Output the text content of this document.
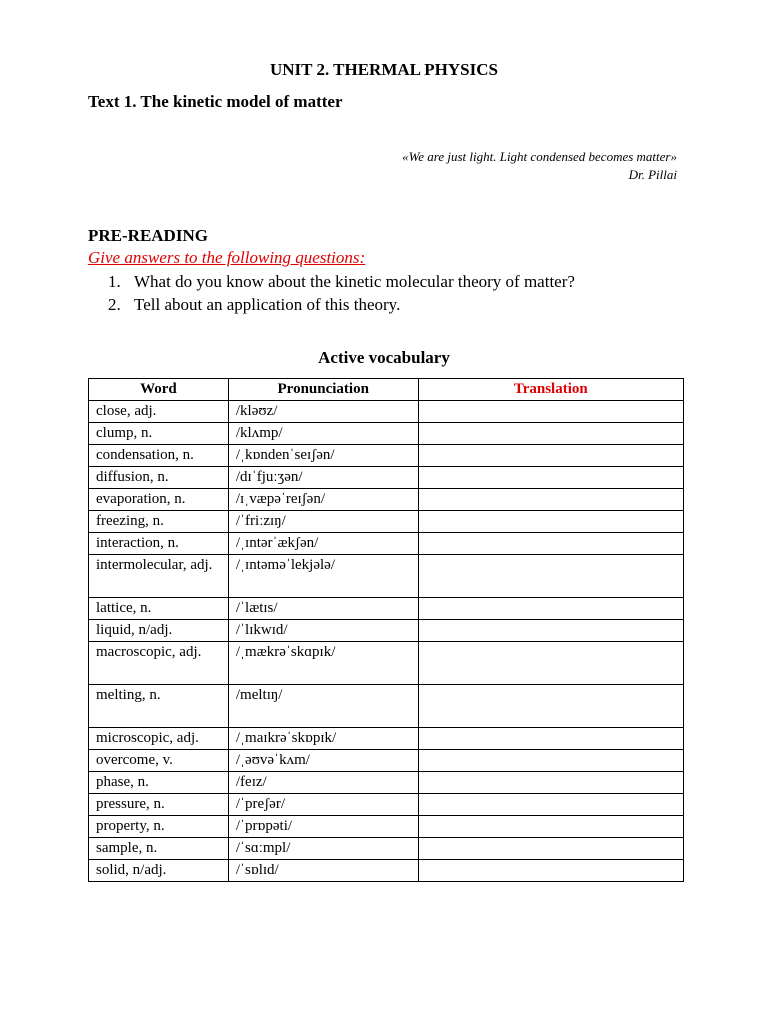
UNIT 2. THERMAL PHYSICS
Text 1. The kinetic model of matter
«We are just light. Light condensed becomes matter»
Dr. Pillai
PRE-READING
Give answers to the following questions:
1. What do you know about the kinetic molecular theory of matter?
2. Tell about an application of this theory.
Active vocabulary
Word	Pronunciation	Translation
close, adj.	/kləʊz/	
clump, n.	/klʌmp/	
condensation, n.	/ˌkɒndenˈseɪʃən/	
diffusion, n.	/dɪˈfjuːʒən/	
evaporation, n.	/ɪˌvæpəˈreɪʃən/	
freezing, n.	/ˈfriːzɪŋ/	
interaction, n.	/ˌɪntərˈækʃən/	
intermolecular, adj.	/ˌɪntəməˈlekjələ/	
lattice, n.	/ˈlætɪs/	
liquid, n/adj.	/ˈlɪkwɪd/	
macroscopic, adj.	/ˌmækrəˈskɑpɪk/	
melting, n.	/meltɪŋ/	
microscopic, adj.	/ˌmaɪkrəˈskɒpɪk/	
overcome, v.	/ˌəʊvəˈkʌm/	
phase, n.	/feɪz/	
pressure, n.	/ˈpreʃər/	
property, n.	/ˈprɒpəti/	
sample, n.	/ˈsɑːmpl/	
solid, n/adj.	/ˈsɒlɪd/	
